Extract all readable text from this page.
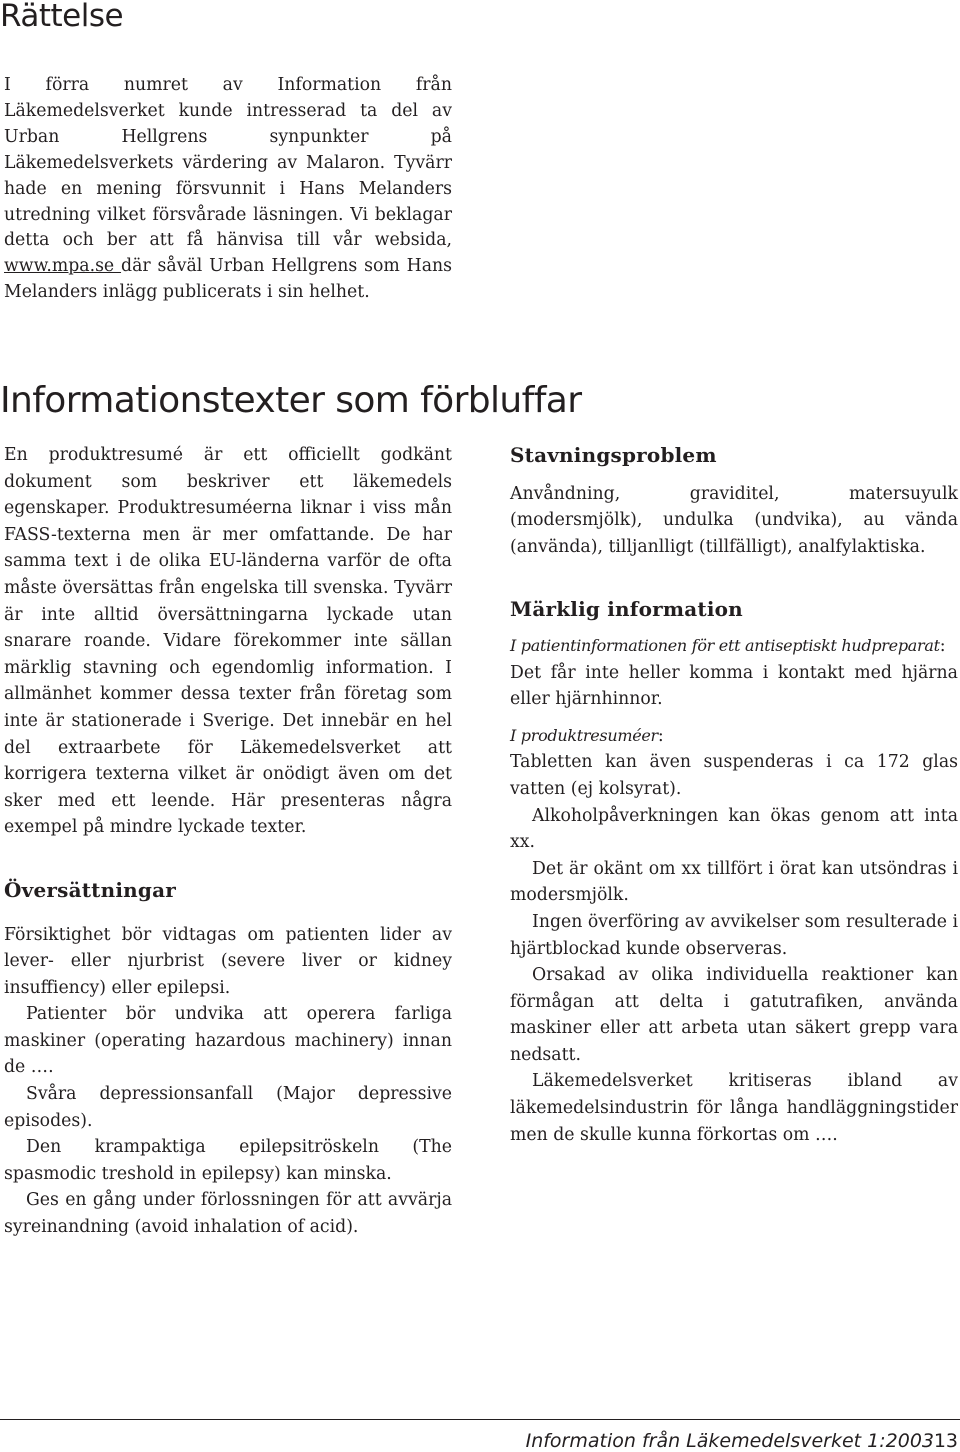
Rättelse

I förra numret av Information från Läkemedelsverket kunde intresserad ta del av Urban Hellgrens synpunkter på Läkemedelsverkets värdering av Malaron. Tyvärr hade en mening försvunnit i Hans Melanders utredning vilket försvårade läsningen. Vi beklagar detta och ber att få hänvisa till vår websida, www.mpa.se där såväl Urban Hellgrens som Hans Melanders inlägg publicerats i sin helhet.

Informationstexter som förbluffar

En produktresumé är ett officiellt godkänt dokument som beskriver ett läkemedels egenskaper. Produktresuméerna liknar i viss mån FASS-texterna men är mer omfattande. De har samma text i de olika EU-länderna varför de ofta måste översättas från engelska till svenska. Tyvärr är inte alltid översättningarna lyckade utan snarare roande. Vidare förekommer inte sällan märklig stavning och egendomlig information. I allmänhet kommer dessa texter från företag som inte är stationerade i Sverige. Det innebär en hel del extraarbete för Läkemedelsverket att korrigera texterna vilket är onödigt även om det sker med ett leende. Här presenteras några exempel på mindre lyckade texter.

Översättningar

Försiktighet bör vidtagas om patienten lider av lever- eller njurbrist (severe liver or kidney insuffiency) eller epilepsi.

Patienter bör undvika att operera farliga maskiner (operating hazardous machinery) innan de ….

Svåra depressionsanfall (Major depressive episodes).

Den krampaktiga epilepsitröskeln (The spasmodic treshold in epilepsy) kan minska.

Ges en gång under förlossningen för att avvärja syreinandning (avoid inhalation of acid).

Stavningsproblem

Anvåndning, graviditel, matersuyulk (modersmjölk), undulka (undvika), au vända (använda), tilljanlligt (tillfälligt), analfylaktiska.

Märklig information

I patientinformationen för ett antiseptiskt hudpreparat:

Det får inte heller komma i kontakt med hjärna eller hjärnhinnor.

I produktresuméer:

Tabletten kan även suspenderas i ca 172 glas vatten (ej kolsyrat).

Alkoholpåverkningen kan ökas genom att inta xx.

Det är okänt om xx tillfört i örat kan utsöndras i modersmjölk.

Ingen överföring av avvikelser som resulterade i hjärtblockad kunde observeras.

Orsakad av olika individuella reaktioner kan förmågan att delta i gatutrafiken, använda maskiner eller att arbeta utan säkert grepp vara nedsatt.

Läkemedelsverket kritiseras ibland av läkemedelsindustrin för långa handläggningstider men de skulle kunna förkortas om ….

Information från Läkemedelsverket 1:2003 13
